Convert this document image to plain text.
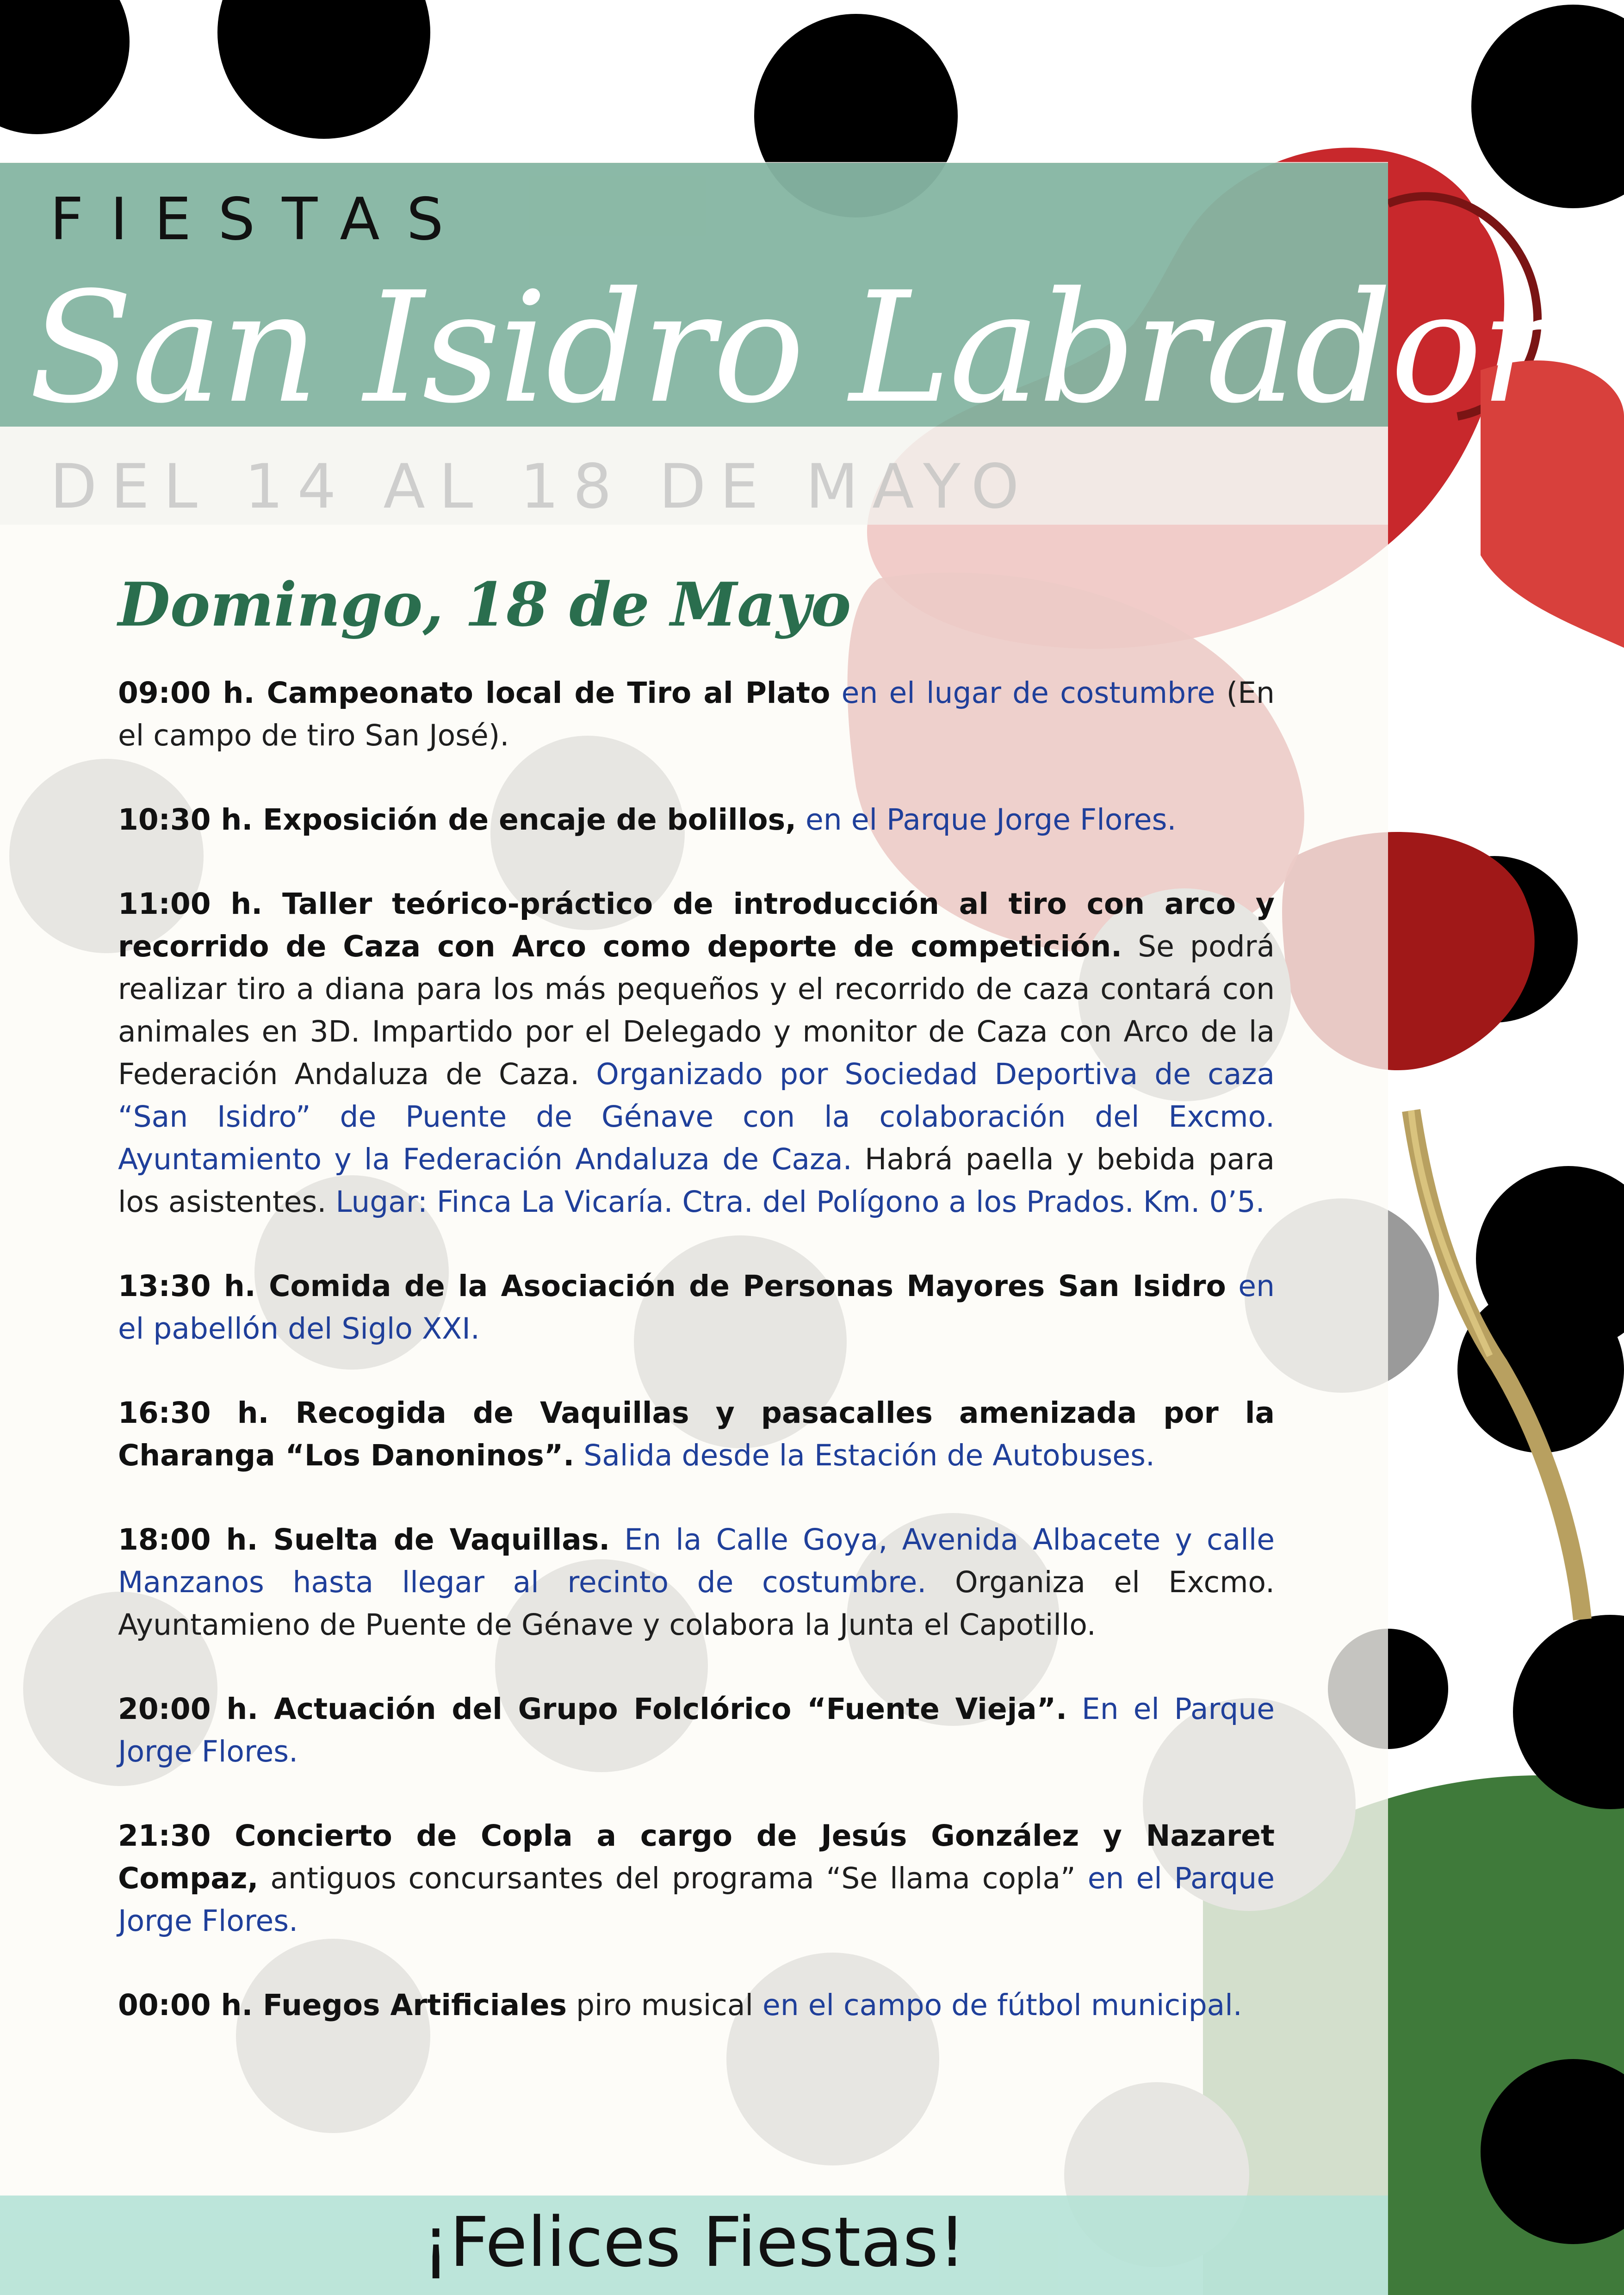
FIESTAS
San Isidro Labrador
DEL 14 AL 18 DE MAYO
Domingo, 18 de Mayo

09:00 h. Campeonato local de Tiro al Plato en el lugar de costumbre (En el campo de tiro San José).

10:30 h. Exposición de encaje de bolillos, en el Parque Jorge Flores.

11:00 h. Taller teórico-práctico de introducción al tiro con arco y recorrido de Caza con Arco como deporte de competición. Se podrá realizar tiro a diana para los más pequeños y el recorrido de caza contará con animales en 3D. Impartido por el Delegado y monitor de Caza con Arco de la Federación Andaluza de Caza. Organizado por Sociedad Deportiva de caza “San Isidro” de Puente de Génave con la colaboración del Excmo. Ayuntamiento y la Federación Andaluza de Caza. Habrá paella y bebida para los asistentes. Lugar: Finca La Vicaría. Ctra. del Polígono a los Prados. Km. 0’5.

13:30 h. Comida de la Asociación de Personas Mayores San Isidro en el pabellón del Siglo XXI.

16:30 h. Recogida de Vaquillas y pasacalles amenizada por la Charanga “Los Danoninos”. Salida desde la Estación de Autobuses.

18:00 h. Suelta de Vaquillas. En la Calle Goya, Avenida Albacete y calle Manzanos hasta llegar al recinto de costumbre. Organiza el Excmo. Ayuntamieno de Puente de Génave y colabora la Junta el Capotillo.

20:00 h. Actuación del Grupo Folclórico “Fuente Vieja”. En el Parque Jorge Flores.

21:30 Concierto de Copla a cargo de Jesús González y Nazaret Compaz, antiguos concursantes del programa “Se llama copla” en el Parque Jorge Flores.

00:00 h. Fuegos Artificiales piro musical en el campo de fútbol municipal.

¡Felices Fiestas!
